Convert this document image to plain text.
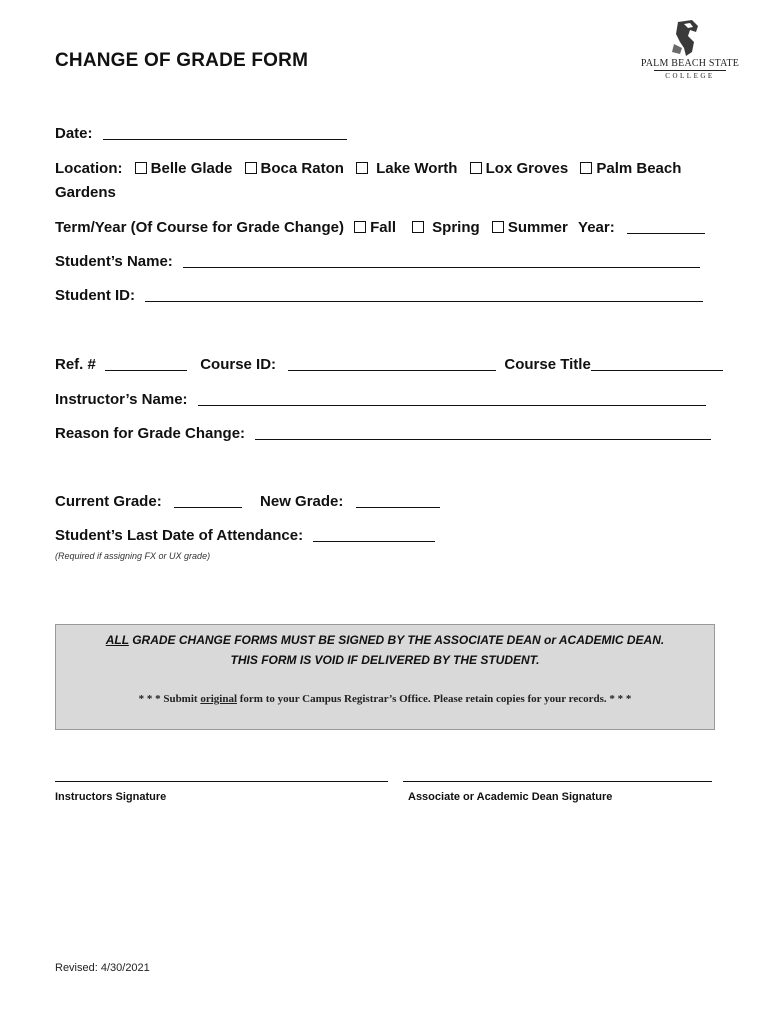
CHANGE OF GRADE FORM	PALM BEACH STATE
COLLEGE
Date:
Location: Belle Glade Boca Raton Lake Worth Lox Groves Palm Beach
Gardens
Term/Year (Of Course for Grade Change) Fall Spring Summer Year:
Student’s Name:
Student ID:
Ref. #	Course ID:	Course Title
Instructor’s Name:
Reason for Grade Change:
Current Grade:	New Grade:
Student’s Last Date of Attendance:
(Required if assigning FX or UX grade)
ALL GRADE CHANGE FORMS MUST BE SIGNED BY THE ASSOCIATE DEAN or ACADEMIC DEAN.
THIS FORM IS VOID IF DELIVERED BY THE STUDENT.
* * * Submit original form to your Campus Registrar’s Office. Please retain copies for your records. * * *
Instructors Signature	Associate or Academic Dean Signature
Revised: 4/30/2021
